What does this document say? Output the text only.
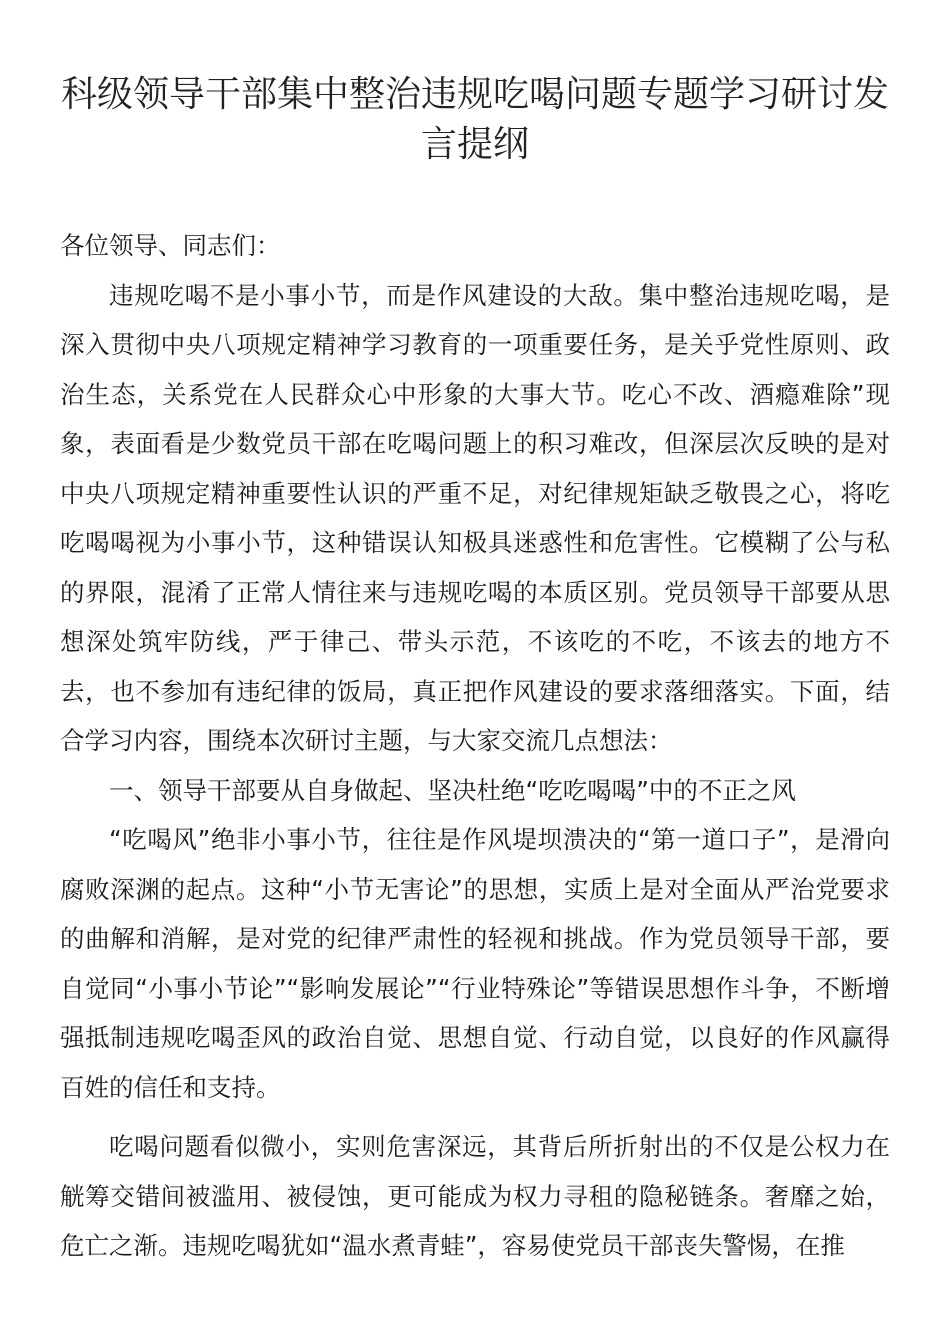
科级领导干部集中整治违规吃喝问题专题学习研讨发言提纲

各位领导、同志们：

违规吃喝不是小事小节，而是作风建设的大敌。集中整治违规吃喝，是深入贯彻中央八项规定精神学习教育的一项重要任务，是关乎党性原则、政治生态，关系党在人民群众心中形象的大事大节。吃心不改、酒瘾难除”现象，表面看是少数党员干部在吃喝问题上的积习难改，但深层次反映的是对中央八项规定精神重要性认识的严重不足，对纪律规矩缺乏敬畏之心，将吃吃喝喝视为小事小节，这种错误认知极具迷惑性和危害性。它模糊了公与私的界限，混淆了正常人情往来与违规吃喝的本质区别。党员领导干部要从思想深处筑牢防线，严于律己、带头示范，不该吃的不吃，不该去的地方不去，也不参加有违纪律的饭局，真正把作风建设的要求落细落实。下面，结合学习内容，围绕本次研讨主题，与大家交流几点想法：

一、领导干部要从自身做起、坚决杜绝“吃吃喝喝”中的不正之风

“吃喝风”绝非小事小节，往往是作风堤坝溃决的“第一道口子”，是滑向腐败深渊的起点。这种“小节无害论”的思想，实质上是对全面从严治党要求的曲解和消解，是对党的纪律严肃性的轻视和挑战。作为党员领导干部，要自觉同“小事小节论”“影响发展论”“行业特殊论”等错误思想作斗争，不断增强抵制违规吃喝歪风的政治自觉、思想自觉、行动自觉，以良好的作风赢得百姓的信任和支持。

吃喝问题看似微小，实则危害深远，其背后所折射出的不仅是公权力在觥筹交错间被滥用、被侵蚀，更可能成为权力寻租的隐秘链条。奢靡之始，危亡之渐。违规吃喝犹如“温水煮青蛙”，容易使党员干部丧失警惕，在推
